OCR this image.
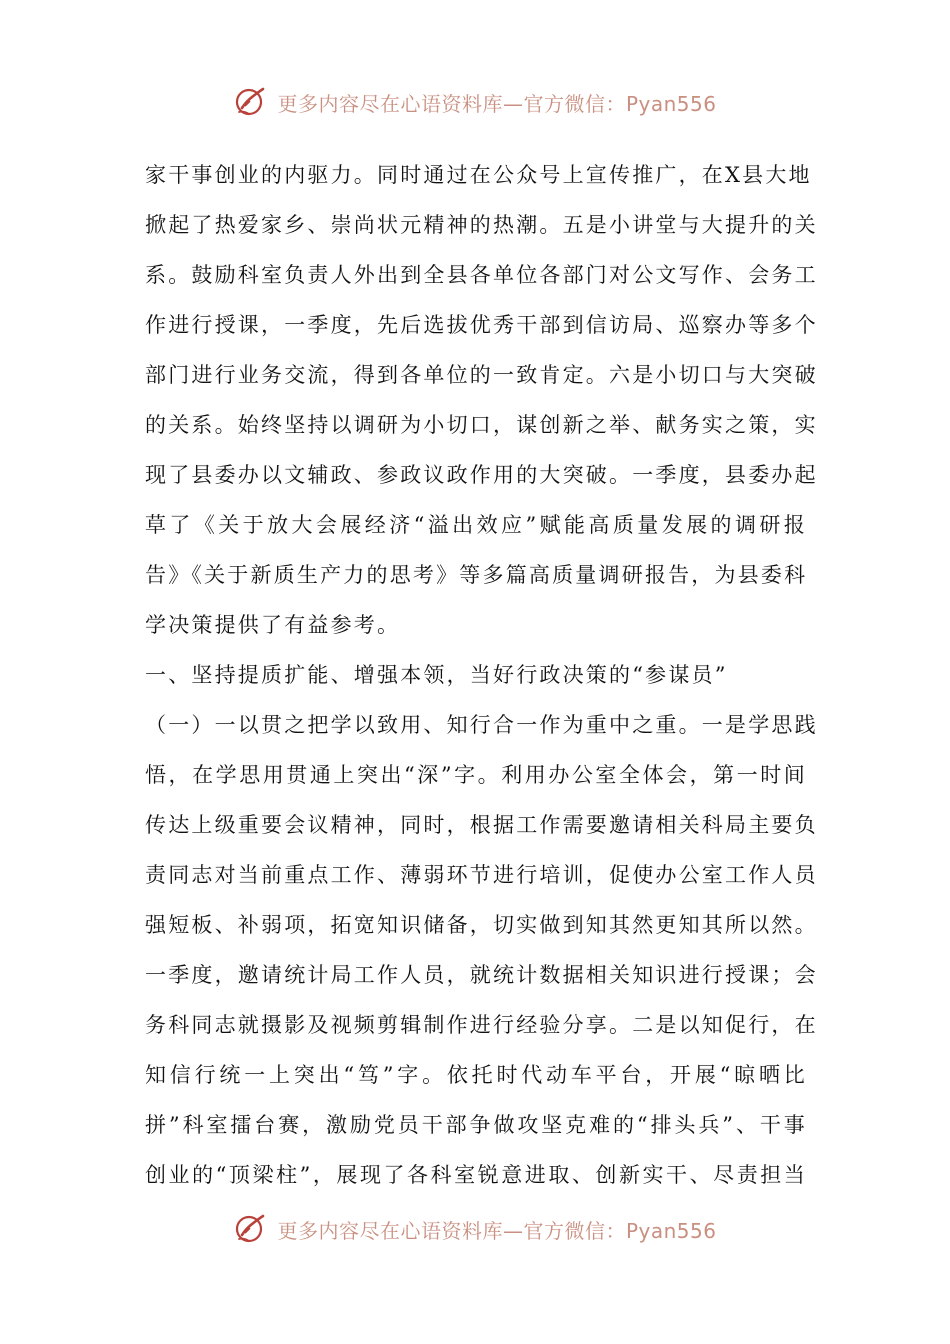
更多内容尽在心语资料库—官方微信：Pyan556

家干事创业的内驱力。同时通过在公众号上宣传推广，在X县大地
掀起了热爱家乡、崇尚状元精神的热潮。五是小讲堂与大提升的关
系。鼓励科室负责人外出到全县各单位各部门对公文写作、会务工
作进行授课，一季度，先后选拔优秀干部到信访局、巡察办等多个
部门进行业务交流，得到各单位的一致肯定。六是小切口与大突破
的关系。始终坚持以调研为小切口，谋创新之举、献务实之策，实
现了县委办以文辅政、参政议政作用的大突破。一季度，县委办起
草了《关于放大会展经济“溢出效应”赋能高质量发展的调研报
告》《关于新质生产力的思考》等多篇高质量调研报告，为县委科
学决策提供了有益参考。

一、坚持提质扩能、增强本领，当好行政决策的“参谋员”

（一）一以贯之把学以致用、知行合一作为重中之重。一是学思践
悟，在学思用贯通上突出“深”字。利用办公室全体会，第一时间
传达上级重要会议精神，同时，根据工作需要邀请相关科局主要负
责同志对当前重点工作、薄弱环节进行培训，促使办公室工作人员
强短板、补弱项，拓宽知识储备，切实做到知其然更知其所以然。
一季度，邀请统计局工作人员，就统计数据相关知识进行授课；会
务科同志就摄影及视频剪辑制作进行经验分享。二是以知促行，在
知信行统一上突出“笃”字。依托时代动车平台，开展“晾晒比
拼”科室擂台赛，激励党员干部争做攻坚克难的“排头兵”、干事
创业的“顶梁柱”，展现了各科室锐意进取、创新实干、尽责担当

更多内容尽在心语资料库—官方微信：Pyan556
